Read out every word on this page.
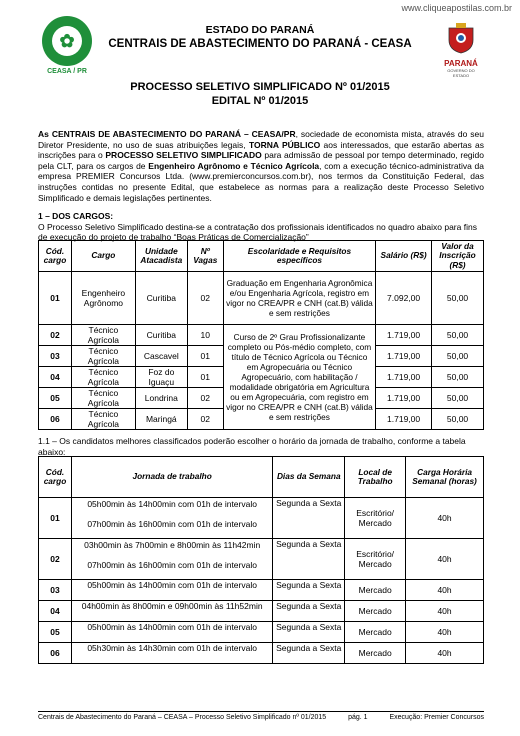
www.cliqueapostilas.com.br
✿
CEASA / PR
ESTADO DO PARANÁ
CENTRAIS DE ABASTECIMENTO DO PARANÁ - CEASA
PARANÁ
GOVERNO DO ESTADO
PROCESSO SELETIVO SIMPLIFICADO Nº 01/2015
EDITAL Nº 01/2015
As CENTRAIS DE ABASTECIMENTO DO PARANÁ – CEASA/PR, sociedade de economista mista, através do seu Diretor Presidente, no uso de suas atribuições legais, TORNA PÚBLICO aos interessados, que estarão abertas as inscrições para o PROCESSO SELETIVO SIMPLIFICADO para admissão de pessoal por tempo determinado, regido pela CLT, para os cargos de Engenheiro Agrônomo e Técnico Agrícola, com a execução técnico-administrativa da empresa PREMIER Concursos Ltda. (www.premierconcursos.com.br), nos termos da Constituição Federal, das instruções contidas no presente Edital, que estabelece as normas para a realização deste Processo Seletivo Simplificado e demais legislações pertinentes.
1 – DOS CARGOS:
O Processo Seletivo Simplificado destina-se a contratação dos profissionais identificados no quadro abaixo para fins de execução do projeto de trabalho “Boas Práticas de Comercialização”
Cód. cargo	Cargo	Unidade Atacadista	Nº Vagas	Escolaridade e Requisitos específicos	Salário (R$)	Valor da Inscrição (R$)
01	Engenheiro Agrônomo	Curitiba	02	Graduação em Engenharia Agronômica e/ou Engenharia Agrícola, registro em vigor no CREA/PR e CNH (cat.B) válida e sem restrições	7.092,00	50,00
02	Técnico Agrícola	Curitiba	10	Curso de 2º Grau Profissionalizante completo ou Pós-médio completo, com título de Técnico Agrícola ou Técnico em Agropecuária ou Técnico Agropecuário, com habilitação / modalidade obrigatória em Agricultura ou em Agropecuária, com registro em vigor no CREA/PR e CNH (cat.B) válida e sem restrições	1.719,00	50,00
03	Técnico Agrícola	Cascavel	01		1.719,00	50,00
04	Técnico Agrícola	Foz do Iguaçu	01		1.719,00	50,00
05	Técnico Agrícola	Londrina	02		1.719,00	50,00
06	Técnico Agrícola	Maringá	02		1.719,00	50,00
1.1 – Os candidatos melhores classificados poderão escolher o horário da jornada de trabalho, conforme a tabela abaixo:
Cód. cargo	Jornada de trabalho	Dias da Semana	Local de Trabalho	Carga Horária Semanal (horas)
01	05h00min às 14h00min com 01h de intervalo
07h00min às 16h00min com 01h de intervalo	Segunda a Sexta	Escritório/ Mercado	40h
02	03h00min às 7h00min e 8h00min às 11h42min
07h00min às 16h00min com 01h de intervalo	Segunda a Sexta	Escritório/ Mercado	40h
03	05h00min às 14h00min com 01h de intervalo	Segunda a Sexta	Mercado	40h
04	04h00min às 8h00min e 09h00min às 11h52min	Segunda a Sexta	Mercado	40h
05	05h00min às 14h00min com 01h de intervalo	Segunda a Sexta	Mercado	40h
06	05h30min às 14h30min com 01h de intervalo	Segunda a Sexta	Mercado	40h
Centrais de Abastecimento do Paraná – CEASA – Processo Seletivo Simplificado nº 01/2015	pág. 1	Execução: Premier Concursos
